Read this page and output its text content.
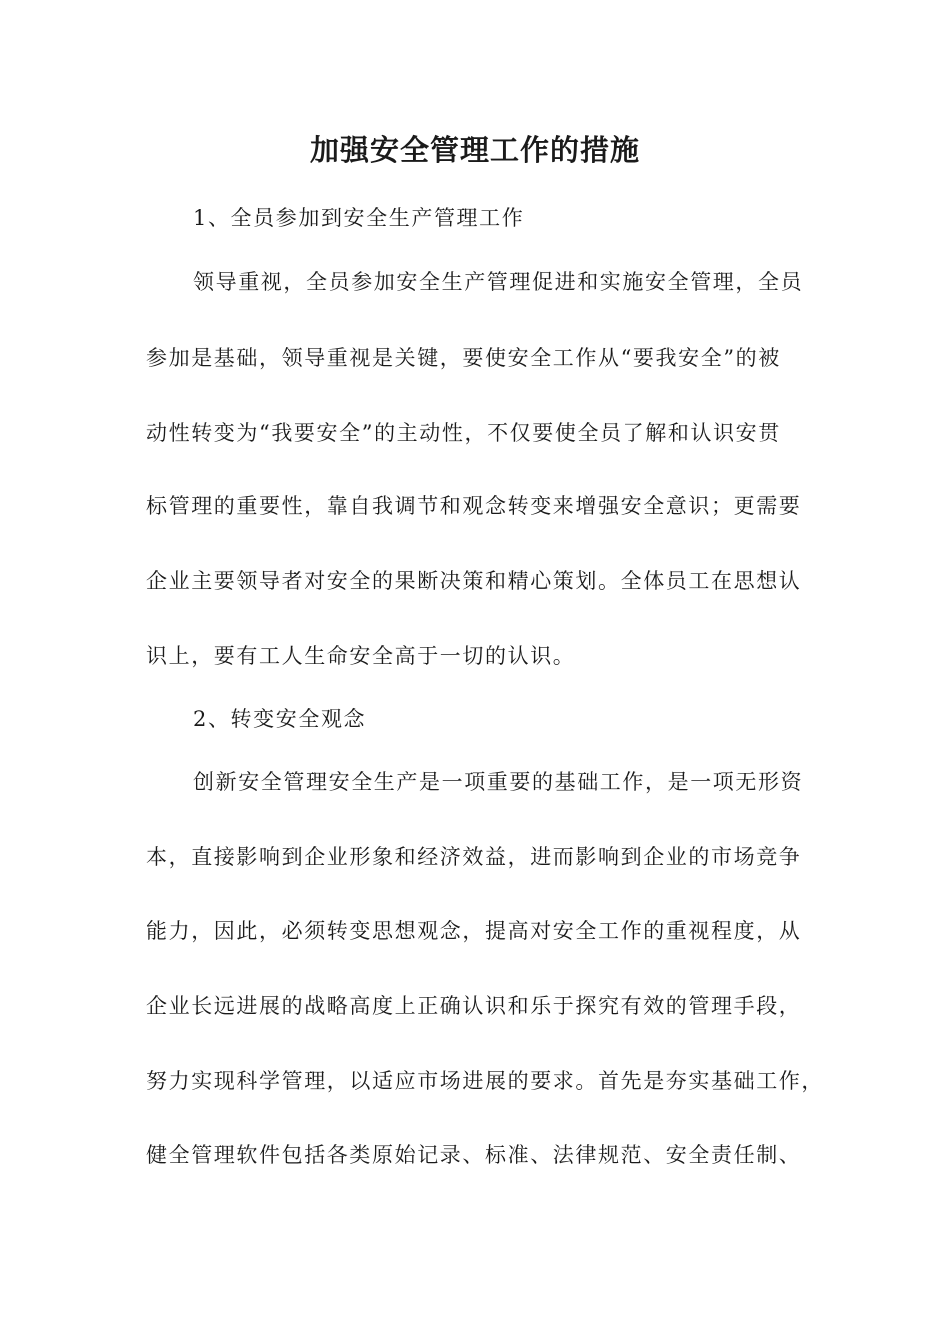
加强安全管理工作的措施
1、全员参加到安全生产管理工作
领导重视，全员参加安全生产管理促进和实施安全管理，全员
参加是基础，领导重视是关键，要使安全工作从“要我安全”的被
动性转变为“我要安全”的主动性，不仅要使全员了解和认识安贯
标管理的重要性，靠自我调节和观念转变来增强安全意识；更需要
企业主要领导者对安全的果断决策和精心策划。全体员工在思想认
识上，要有工人生命安全高于一切的认识。
2、转变安全观念
创新安全管理安全生产是一项重要的基础工作，是一项无形资
本，直接影响到企业形象和经济效益，进而影响到企业的市场竞争
能力，因此，必须转变思想观念，提高对安全工作的重视程度，从
企业长远进展的战略高度上正确认识和乐于探究有效的管理手段，
努力实现科学管理，以适应市场进展的要求。首先是夯实基础工作，
健全管理软件包括各类原始记录、标准、法律规范、安全责任制、
